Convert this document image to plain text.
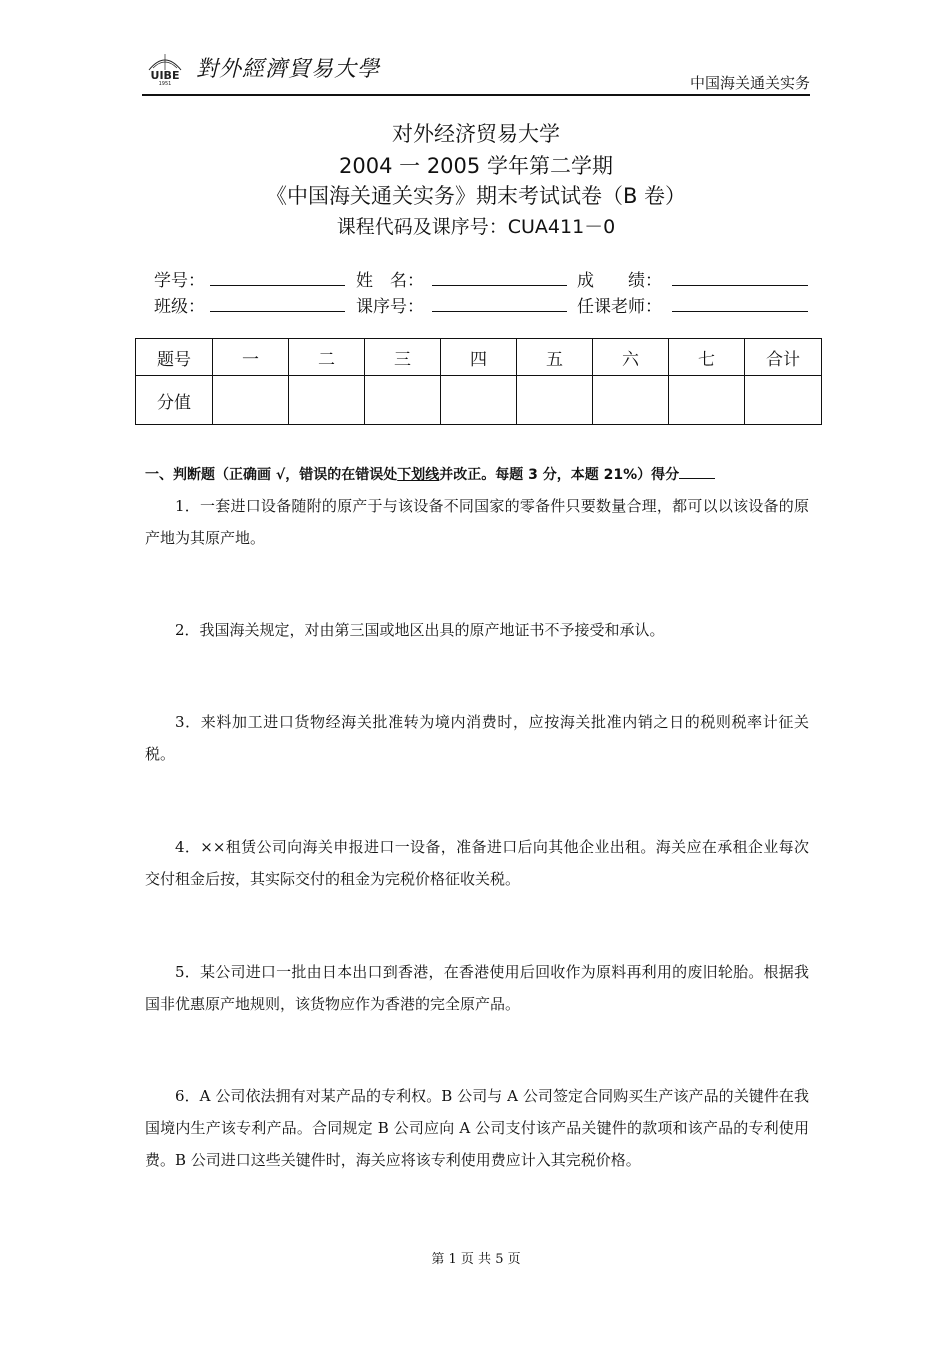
UIBE
1951
對外經濟貿易大學
中国海关通关实务
对外经济贸易大学
2004 一 2005 学年第二学期
《中国海关通关实务》期末考试试卷（B 卷）
课程代码及课序号：CUA411－0
学号：	姓　名：	成　　绩：
班级：	课序号：	任课老师：
题号	一	二	三	四	五	六	七	合计
分值								
一、判断题（正确画 √，错误的在错误处下划线并改正。每题 3 分，本题 21%）得分

1．一套进口设备随附的原产于与该设备不同国家的零备件只要数量合理，都可以以该设备的原产地为其原产地。

2．我国海关规定，对由第三国或地区出具的原产地证书不予接受和承认。

3．来料加工进口货物经海关批准转为境内消费时，应按海关批准内销之日的税则税率计征关税。

4．××租赁公司向海关申报进口一设备，准备进口后向其他企业出租。海关应在承租企业每次交付租金后按，其实际交付的租金为完税价格征收关税。

5．某公司进口一批由日本出口到香港，在香港使用后回收作为原料再利用的废旧轮胎。根据我国非优惠原产地规则，该货物应作为香港的完全原产品。

6．A 公司依法拥有对某产品的专利权。B 公司与 A 公司签定合同购买生产该产品的关键件在我国境内生产该专利产品。合同规定 B 公司应向 A 公司支付该产品关键件的款项和该产品的专利使用费。B 公司进口这些关键件时，海关应将该专利使用费应计入其完税价格。

第 1 页 共 5 页
